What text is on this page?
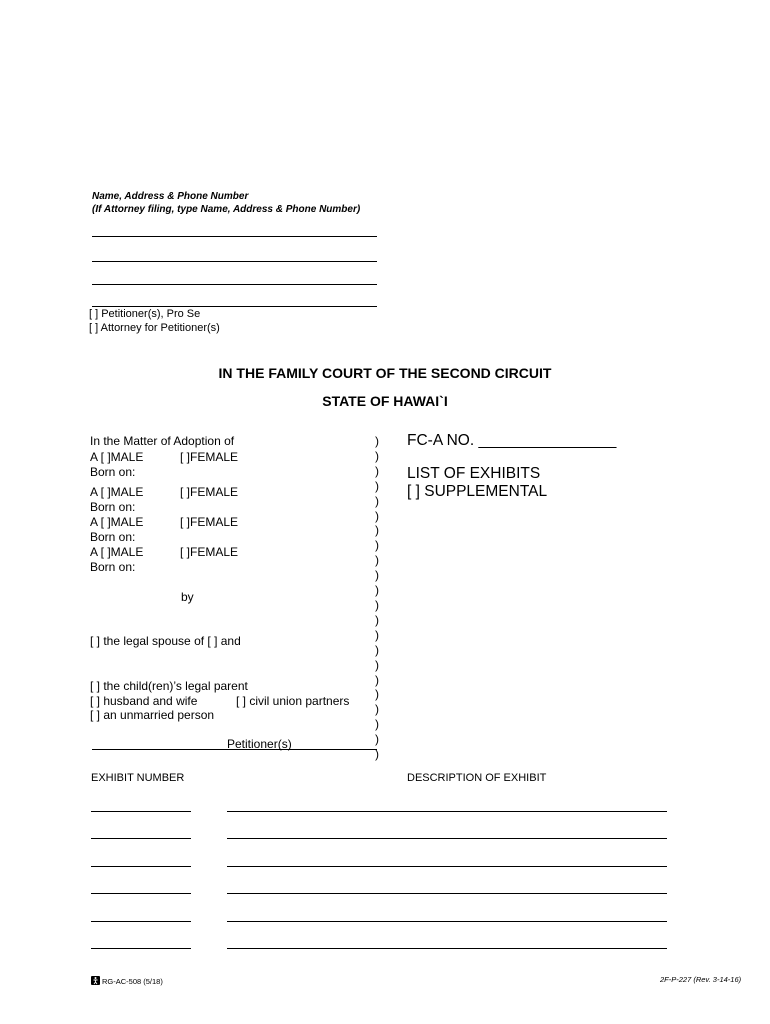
Name, Address & Phone Number
(If Attorney filing, type Name, Address & Phone Number)
[ ] Petitioner(s), Pro Se
[ ] Attorney for Petitioner(s)
IN THE FAMILY COURT OF THE SECOND CIRCUIT
STATE OF HAWAI`I
In the Matter of Adoption of
A [ ]MALE	[ ]FEMALE
Born on:
A [ ]MALE	[ ]FEMALE
Born on:
A [ ]MALE	[ ]FEMALE
Born on:
A [ ]MALE	[ ]FEMALE
Born on:
by
[ ] the legal spouse of [ ] and
[ ] the child(ren)’s legal parent
[ ] husband and wife	[ ] civil union partners
[ ] an unmarried person
Petitioner(s)
)
)
)
)
)
)
)
)
)
)
)
)
)
)
)
)
)
)
)
)
)
)
FC-A NO. ________________
LIST OF EXHIBITS
[ ] SUPPLEMENTAL
EXHIBIT NUMBER	DESCRIPTION OF EXHIBIT
RG-AC-508 (5/18)	2F-P-227 (Rev. 3-14-16)
